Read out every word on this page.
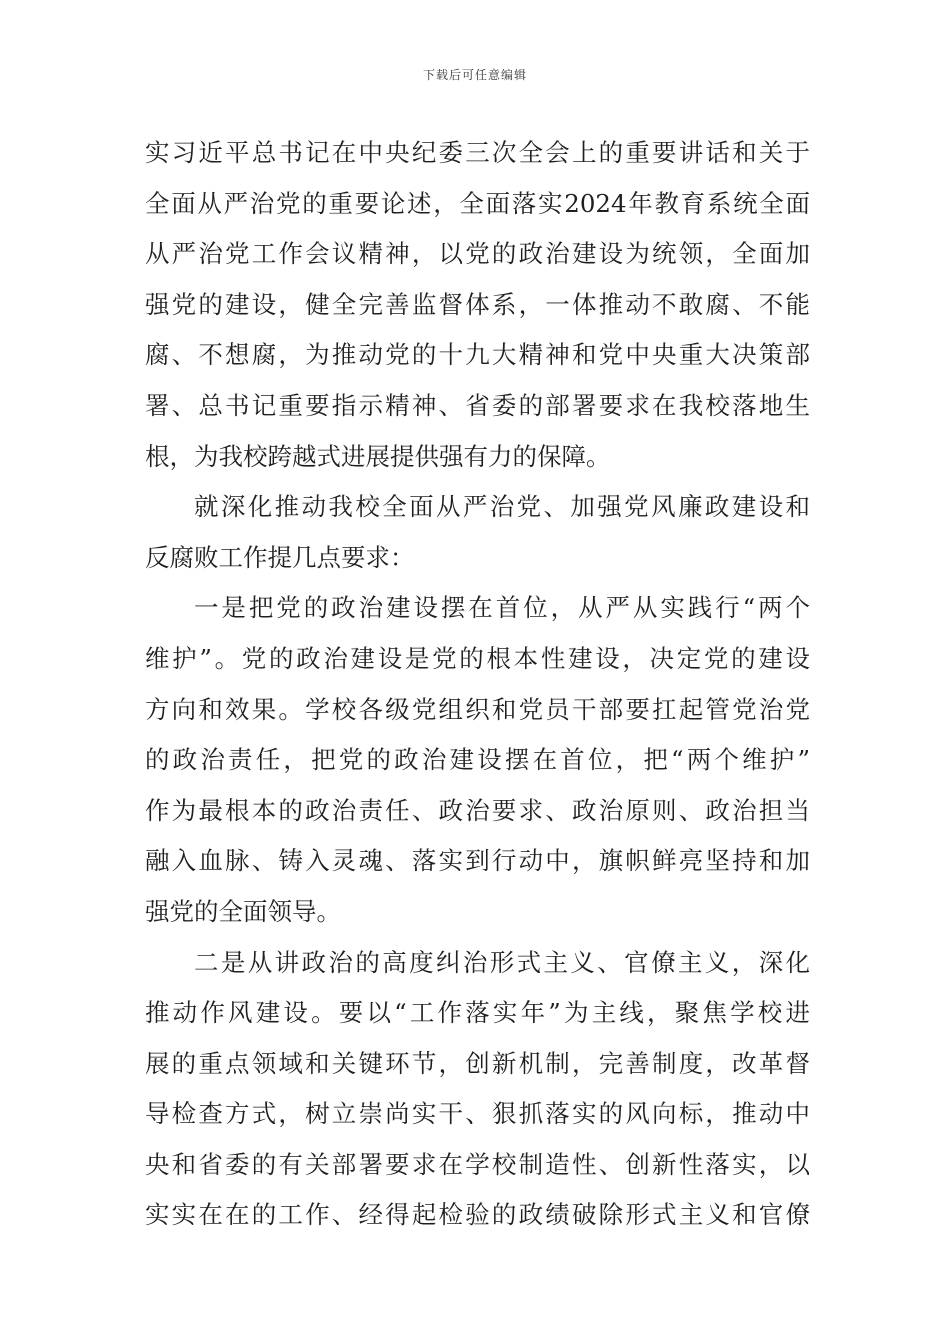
下载后可任意编辑
实习近平总书记在中央纪委三次全会上的重要讲话和关于
全面从严治党的重要论述，全面落实2024年教育系统全面
从严治党工作会议精神，以党的政治建设为统领，全面加
强党的建设，健全完善监督体系，一体推动不敢腐、不能
腐、不想腐，为推动党的十九大精神和党中央重大决策部
署、总书记重要指示精神、省委的部署要求在我校落地生
根，为我校跨越式进展提供强有力的保障。
就深化推动我校全面从严治党、加强党风廉政建设和
反腐败工作提几点要求：
一是把党的政治建设摆在首位，从严从实践行“两个
维护”。党的政治建设是党的根本性建设，决定党的建设
方向和效果。学校各级党组织和党员干部要扛起管党治党
的政治责任，把党的政治建设摆在首位，把“两个维护”
作为最根本的政治责任、政治要求、政治原则、政治担当
融入血脉、铸入灵魂、落实到行动中，旗帜鲜亮坚持和加
强党的全面领导。
二是从讲政治的高度纠治形式主义、官僚主义，深化
推动作风建设。要以“工作落实年”为主线，聚焦学校进
展的重点领域和关键环节，创新机制，完善制度，改革督
导检查方式，树立崇尚实干、狠抓落实的风向标，推动中
央和省委的有关部署要求在学校制造性、创新性落实，以
实实在在的工作、经得起检验的政绩破除形式主义和官僚
